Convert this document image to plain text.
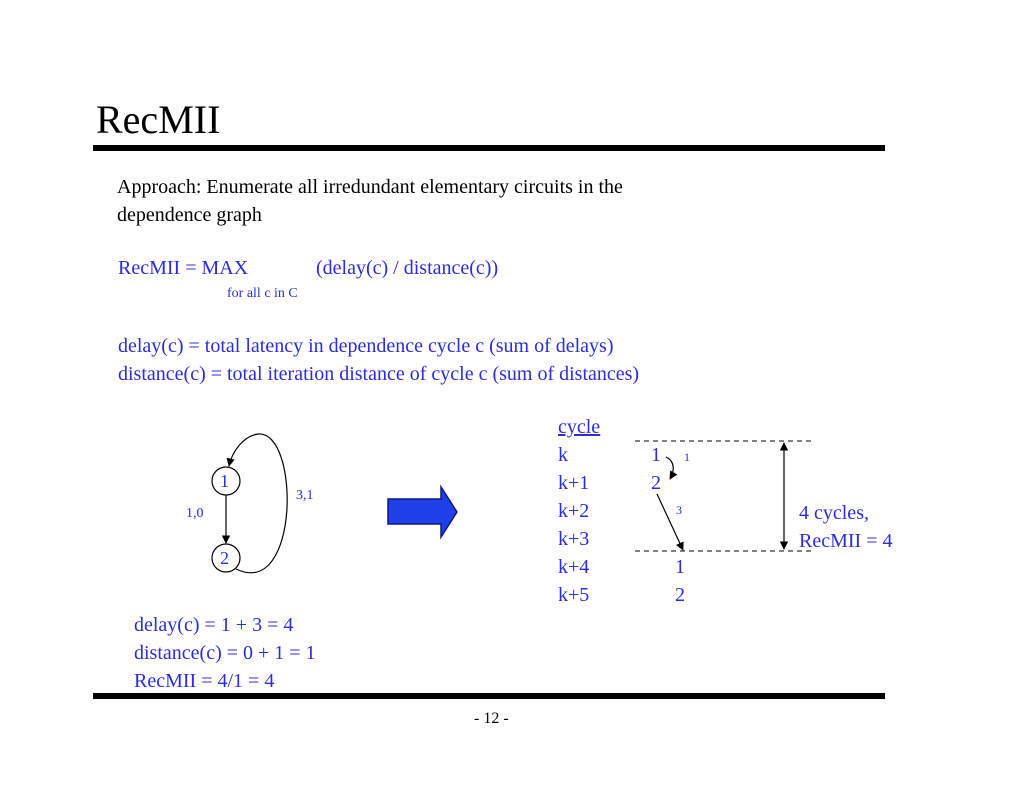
RecMII
Approach: Enumerate all irredundant elementary circuits in the
dependence graph
RecMII = MAX	(delay(c) / distance(c))
for all c in C
delay(c) = total latency in dependence cycle c (sum of delays)
distance(c) = total iteration distance of cycle c (sum of distances)
1
2
1,0
3,1
delay(c) = 1 + 3 = 4
distance(c) = 0 + 1 = 1
RecMII = 4/1 = 4
cycle
k	1
k+1	2
k+2
k+3
k+4	1
k+5	2
1
3	4 cycles,
RecMII = 4
- 12 -
